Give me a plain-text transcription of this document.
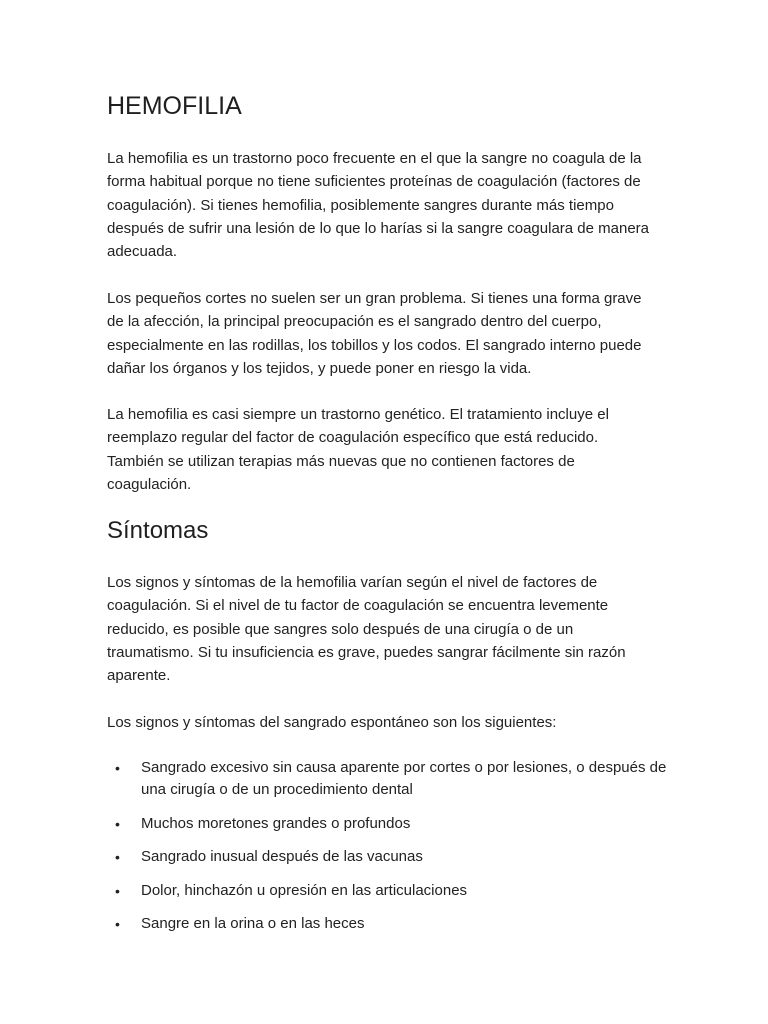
HEMOFILIA

La hemofilia es un trastorno poco frecuente en el que la sangre no coagula de la forma habitual porque no tiene suficientes proteínas de coagulación (factores de coagulación). Si tienes hemofilia, posiblemente sangres durante más tiempo después de sufrir una lesión de lo que lo harías si la sangre coagulara de manera adecuada.

Los pequeños cortes no suelen ser un gran problema. Si tienes una forma grave de la afección, la principal preocupación es el sangrado dentro del cuerpo, especialmente en las rodillas, los tobillos y los codos. El sangrado interno puede dañar los órganos y los tejidos, y puede poner en riesgo la vida.

La hemofilia es casi siempre un trastorno genético. El tratamiento incluye el reemplazo regular del factor de coagulación específico que está reducido. También se utilizan terapias más nuevas que no contienen factores de coagulación.

Síntomas

Los signos y síntomas de la hemofilia varían según el nivel de factores de coagulación. Si el nivel de tu factor de coagulación se encuentra levemente reducido, es posible que sangres solo después de una cirugía o de un traumatismo. Si tu insuficiencia es grave, puedes sangrar fácilmente sin razón aparente.

Los signos y síntomas del sangrado espontáneo son los siguientes:

• Sangrado excesivo sin causa aparente por cortes o por lesiones, o después de una cirugía o de un procedimiento dental
• Muchos moretones grandes o profundos
• Sangrado inusual después de las vacunas
• Dolor, hinchazón u opresión en las articulaciones
• Sangre en la orina o en las heces
